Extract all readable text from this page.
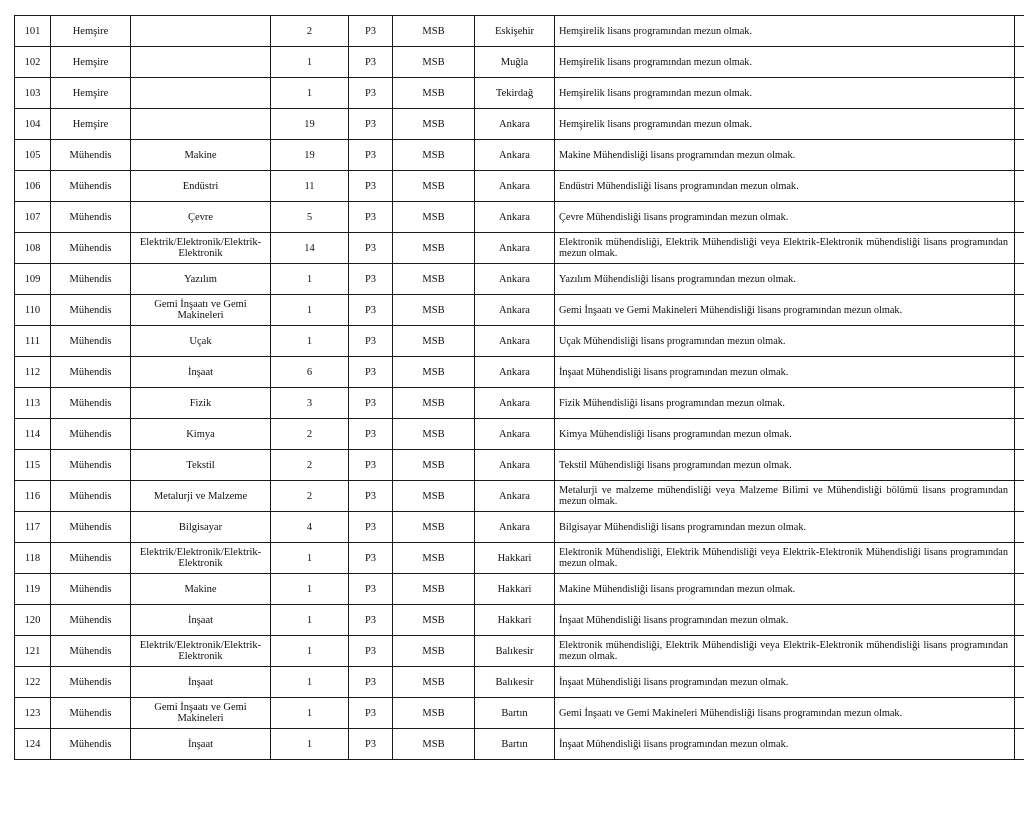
101	Hemşire		2	P3	MSB	Eskişehir	Hemşirelik lisans programından mezun olmak.	
102	Hemşire		1	P3	MSB	Muğla	Hemşirelik lisans programından mezun olmak.	
103	Hemşire		1	P3	MSB	Tekirdağ	Hemşirelik lisans programından mezun olmak.	
104	Hemşire		19	P3	MSB	Ankara	Hemşirelik lisans programından mezun olmak.	
105	Mühendis	Makine	19	P3	MSB	Ankara	Makine Mühendisliği lisans programından mezun olmak.	
106	Mühendis	Endüstri	11	P3	MSB	Ankara	Endüstri Mühendisliği lisans programından mezun olmak.	
107	Mühendis	Çevre	5	P3	MSB	Ankara	Çevre Mühendisliği lisans programından mezun olmak.	
108	Mühendis	Elektrik/Elektronik/Elektrik-Elektronik	14	P3	MSB	Ankara	Elektronik mühendisliği, Elektrik Mühendisliği veya Elektrik-Elektronik mühendisliği lisans programından mezun olmak.	
109	Mühendis	Yazılım	1	P3	MSB	Ankara	Yazılım Mühendisliği lisans programından mezun olmak.	
110	Mühendis	Gemi İnşaatı ve Gemi Makineleri	1	P3	MSB	Ankara	Gemi İnşaatı ve Gemi Makineleri Mühendisliği lisans programından mezun olmak.	
111	Mühendis	Uçak	1	P3	MSB	Ankara	Uçak Mühendisliği lisans programından mezun olmak.	
112	Mühendis	İnşaat	6	P3	MSB	Ankara	İnşaat Mühendisliği lisans programından mezun olmak.	
113	Mühendis	Fizik	3	P3	MSB	Ankara	Fizik Mühendisliği lisans programından mezun olmak.	
114	Mühendis	Kimya	2	P3	MSB	Ankara	Kimya Mühendisliği lisans programından mezun olmak.	
115	Mühendis	Tekstil	2	P3	MSB	Ankara	Tekstil Mühendisliği lisans programından mezun olmak.	
116	Mühendis	Metalurji ve Malzeme	2	P3	MSB	Ankara	Metalurji ve malzeme mühendisliği veya Malzeme Bilimi ve Mühendisliği bölümü lisans programından mezun olmak.	
117	Mühendis	Bilgisayar	4	P3	MSB	Ankara	Bilgisayar Mühendisliği lisans programından mezun olmak.	
118	Mühendis	Elektrik/Elektronik/Elektrik-Elektronik	1	P3	MSB	Hakkari	Elektronik Mühendisliği, Elektrik Mühendisliği veya Elektrik-Elektronik Mühendisliği lisans programından mezun olmak.	
119	Mühendis	Makine	1	P3	MSB	Hakkari	Makine Mühendisliği lisans programından mezun olmak.	
120	Mühendis	İnşaat	1	P3	MSB	Hakkari	İnşaat Mühendisliği lisans programından mezun olmak.	
121	Mühendis	Elektrik/Elektronik/Elektrik-Elektronik	1	P3	MSB	Balıkesir	Elektronik mühendisliği, Elektrik Mühendisliği veya Elektrik-Elektronik mühendisliği lisans programından mezun olmak.	
122	Mühendis	İnşaat	1	P3	MSB	Balıkesir	İnşaat Mühendisliği lisans programından mezun olmak.	
123	Mühendis	Gemi İnşaatı ve Gemi Makineleri	1	P3	MSB	Bartın	Gemi İnşaatı ve Gemi Makineleri Mühendisliği lisans programından mezun olmak.	
124	Mühendis	İnşaat	1	P3	MSB	Bartın	İnşaat Mühendisliği lisans programından mezun olmak.	
